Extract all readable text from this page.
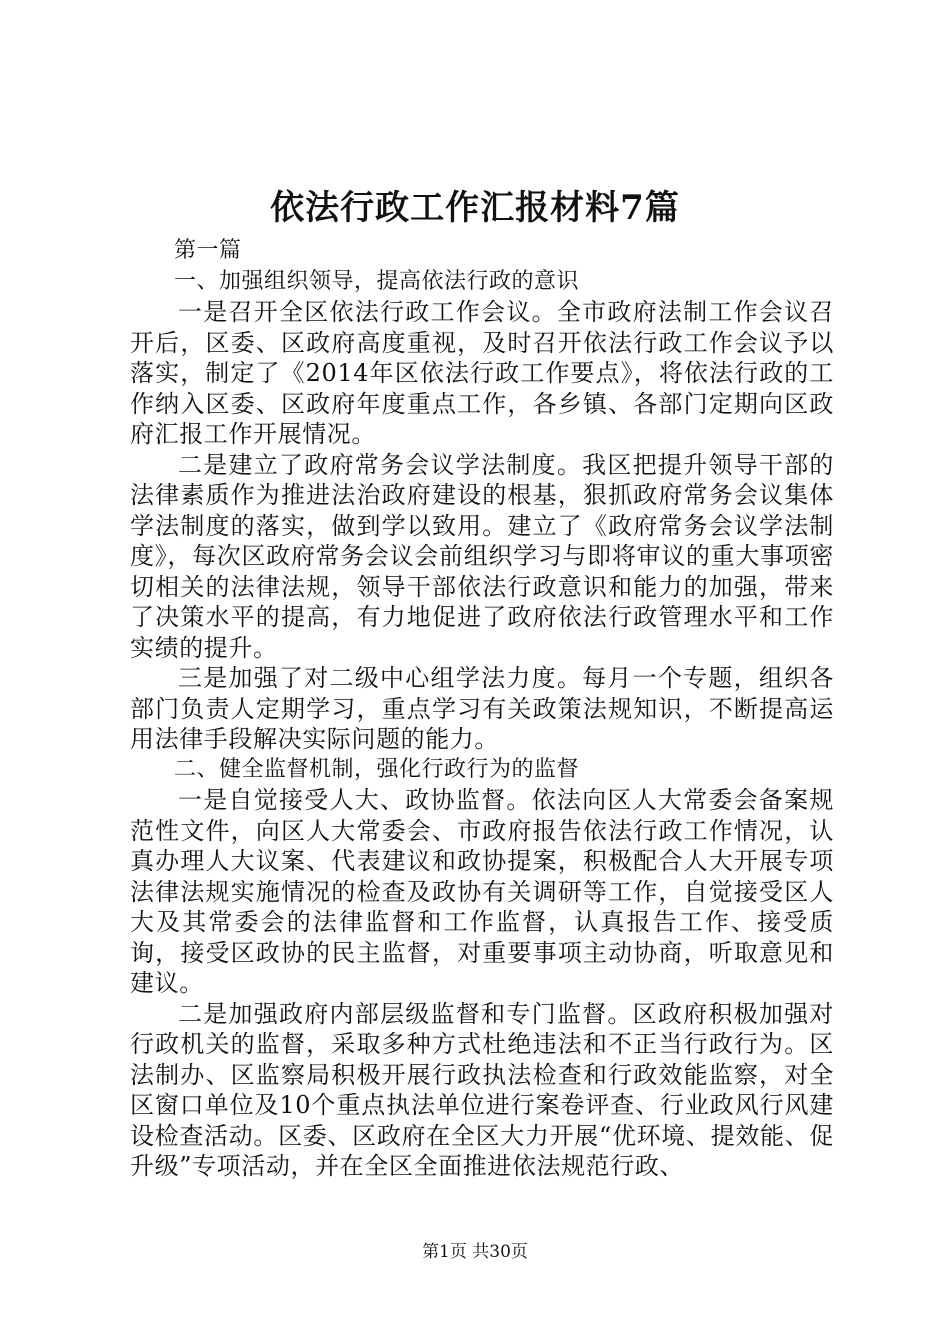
依法行政工作汇报材料7篇

第一篇

一、加强组织领导，提高依法行政的意识

一是召开全区依法行政工作会议。全市政府法制工作会议召开后，区委、区政府高度重视，及时召开依法行政工作会议予以落实，制定了《2014年区依法行政工作要点》，将依法行政的工作纳入区委、区政府年度重点工作，各乡镇、各部门定期向区政府汇报工作开展情况。

二是建立了政府常务会议学法制度。我区把提升领导干部的法律素质作为推进法治政府建设的根基，狠抓政府常务会议集体学法制度的落实，做到学以致用。建立了《政府常务会议学法制度》，每次区政府常务会议会前组织学习与即将审议的重大事项密切相关的法律法规，领导干部依法行政意识和能力的加强，带来了决策水平的提高，有力地促进了政府依法行政管理水平和工作实绩的提升。

三是加强了对二级中心组学法力度。每月一个专题，组织各部门负责人定期学习，重点学习有关政策法规知识，不断提高运用法律手段解决实际问题的能力。

二、健全监督机制，强化行政行为的监督

一是自觉接受人大、政协监督。依法向区人大常委会备案规范性文件，向区人大常委会、市政府报告依法行政工作情况，认真办理人大议案、代表建议和政协提案，积极配合人大开展专项法律法规实施情况的检查及政协有关调研等工作，自觉接受区人大及其常委会的法律监督和工作监督，认真报告工作、接受质询，接受区政协的民主监督，对重要事项主动协商，听取意见和建议。

二是加强政府内部层级监督和专门监督。区政府积极加强对行政机关的监督，采取多种方式杜绝违法和不正当行政行为。区法制办、区监察局积极开展行政执法检查和行政效能监察，对全区窗口单位及10个重点执法单位进行案卷评查、行业政风行风建设检查活动。区委、区政府在全区大力开展“优环境、提效能、促升级”专项活动，并在全区全面推进依法规范行政、

第1页 共30页
